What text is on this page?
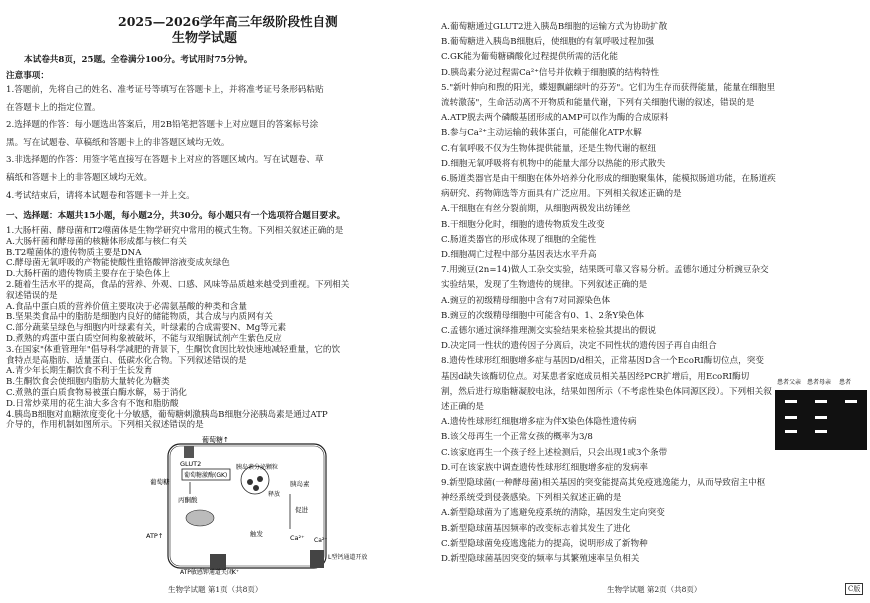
2025—2026学年高三年级阶段性自测
生物学试题
本试卷共8页，25题。全卷满分100分。考试用时75分钟。
注意事项：
1.答题前，先将自己的姓名、准考证号等填写在答题卡上，并将准考证号条形码粘贴
在答题卡上的指定位置。
2.选择题的作答：每小题选出答案后，用2B铅笔把答题卡上对应题目的答案标号涂
黑。写在试题卷、草稿纸和答题卡上的非答题区域均无效。
3.非选择题的作答：用签字笔直接写在答题卡上对应的答题区域内。写在试题卷、草
稿纸和答题卡上的非答题区域均无效。
4.考试结束后，请将本试题卷和答题卡一并上交。
一、选择题：本题共15小题，每小题2分，共30分。每小题只有一个选项符合题目要求。
1.大肠杆菌、酵母菌和T2噬菌体是生物学研究中常用的模式生物。下列相关叙述正确的是
A.大肠杆菌和酵母菌的核糖体形成都与核仁有关
B.T2噬菌体的遗传物质主要是DNA
C.酵母菌无氧呼吸的产物能使酸性重铬酸钾溶液变成灰绿色
D.大肠杆菌的遗传物质主要存在于染色体上
2.随着生活水平的提高，食品的营养、外观、口感、风味等品质越来越受到重视。下列相关
叙述错误的是
A.食品中蛋白质的营养价值主要取决于必需氨基酸的种类和含量
B.坚果类食品中的脂肪是细胞内良好的储能物质，其合成与内质网有关
C.部分蔬菜呈绿色与细胞内叶绿素有关，叶绿素的合成需要N、Mg等元素
D.煮熟的鸡蛋中蛋白质空间构象被破坏，不能与双缩脲试剂产生紫色反应
3.在国家"体重管理年"倡导科学减肥的背景下，生酮饮食因比较快速地减轻重量，它的饮
食特点是高脂肪、适量蛋白、低碳水化合物。下列叙述错误的是
A.青少年长期生酮饮食不利于生长发育
B.生酮饮食会使细胞内脂肪大量转化为糖类
C.煮熟的蛋白质食物易被蛋白酶水解，易于消化
D.日常炒菜用的花生油大多含有不饱和脂肪酸
4.胰岛B细胞对血糖浓度变化十分敏感，葡萄糖刺激胰岛B细胞分泌胰岛素是通过ATP
介导的，作用机制如图所示。下列相关叙述错误的是
葡萄糖↑
GLUT2
葡萄糖激酶(GK)
葡萄糖
丙酮酸
ATP↑
胰岛素分泌颗粒
胰岛素
释放
促进
触发	Ca²⁺
ATP敏感钾通道关闭
L型钙通道开放
K⁺
Ca²⁺
生物学试题 第1页（共8页）
A.葡萄糖通过GLUT2进入胰岛B细胞的运输方式为协助扩散
B.葡萄糖进入胰岛B细胞后，使细胞的有氧呼吸过程加强
C.GK能为葡萄糖磷酸化过程提供所需的活化能
D.胰岛素分泌过程需Ca²⁺信号并依赖于细胞膜的结构特性
5."新叶伸向和煦的阳光，蝶翅飘翩绿叶的芬芳"。它们为生存而获得能量，能量在细胞里
流转激荡"，生命活动离不开物质和能量代谢，下列有关细胞代谢的叙述，错误的是
A.ATP脱去两个磷酸基团形成的AMP可以作为酶的合成原料
B.参与Ca²⁺主动运输的载体蛋白，可能催化ATP水解
C.有氧呼吸不仅为生物体提供能量，还是生物代谢的枢纽
D.细胞无氧呼吸将有机物中的能量大部分以热能的形式散失
6.肠道类器官是由干细胞在体外培养分化形成的细胞聚集体，能模拟肠道功能，在肠道疾
病研究、药物筛选等方面具有广泛应用。下列相关叙述正确的是
A.干细胞在有丝分裂前期，从细胞两极发出纺锤丝
B.干细胞分化时，细胞的遗传物质发生改变
C.肠道类器官的形成体现了细胞的全能性
D.细胞凋亡过程中部分基因表达水平升高
7.用豌豆(2n=14)做人工杂交实验，结果既可靠又容易分析。孟德尔通过分析豌豆杂交
实验结果，发现了生物遗传的规律。下列叙述正确的是
A.豌豆的初级精母细胞中含有7对同源染色体
B.豌豆的次级精母细胞中可能含有0、1、2条Y染色体
C.孟德尔通过演绎推理测交实验结果来检验其提出的假说
D.决定同一性状的遗传因子分离后，决定不同性状的遗传因子再自由组合
8.遗传性球形红细胞增多症与基因D/d相关，正常基因D含一个EcoRⅠ酶切位点，突变
基因d缺失该酶切位点。对某患者家庭成员相关基因经PCR扩增后，用EcoRⅠ酶切
割，然后进行琼脂糖凝胶电泳，结果如图所示（不考虑性染色体同源区段）。下列相关叙
述正确的是
A.遗传性球形红细胞增多症为伴X染色体隐性遗传病
B.该父母再生一个正常女孩的概率为3/8
C.该家庭再生一个孩子经上述检测后，只会出现1或3个条带
D.可在该家族中调查遗传性球形红细胞增多症的发病率
9.新型隐球菌(一种酵母菌)相关基因的突变能提高其免疫逃逸能力，从而导致宿主中枢
神经系统受到侵袭感染。下列相关叙述正确的是
A.新型隐球菌为了逃避免疫系统的清除，基因发生定向突变
B.新型隐球菌基因频率的改变标志着其发生了进化
C.新型隐球菌免疫逃逸能力的提高，说明形成了新物种
D.新型隐球菌基因突变的频率与其繁殖速率呈负相关
患者父亲 患者母亲 患者
生物学试题 第2页（共8页）	C版
